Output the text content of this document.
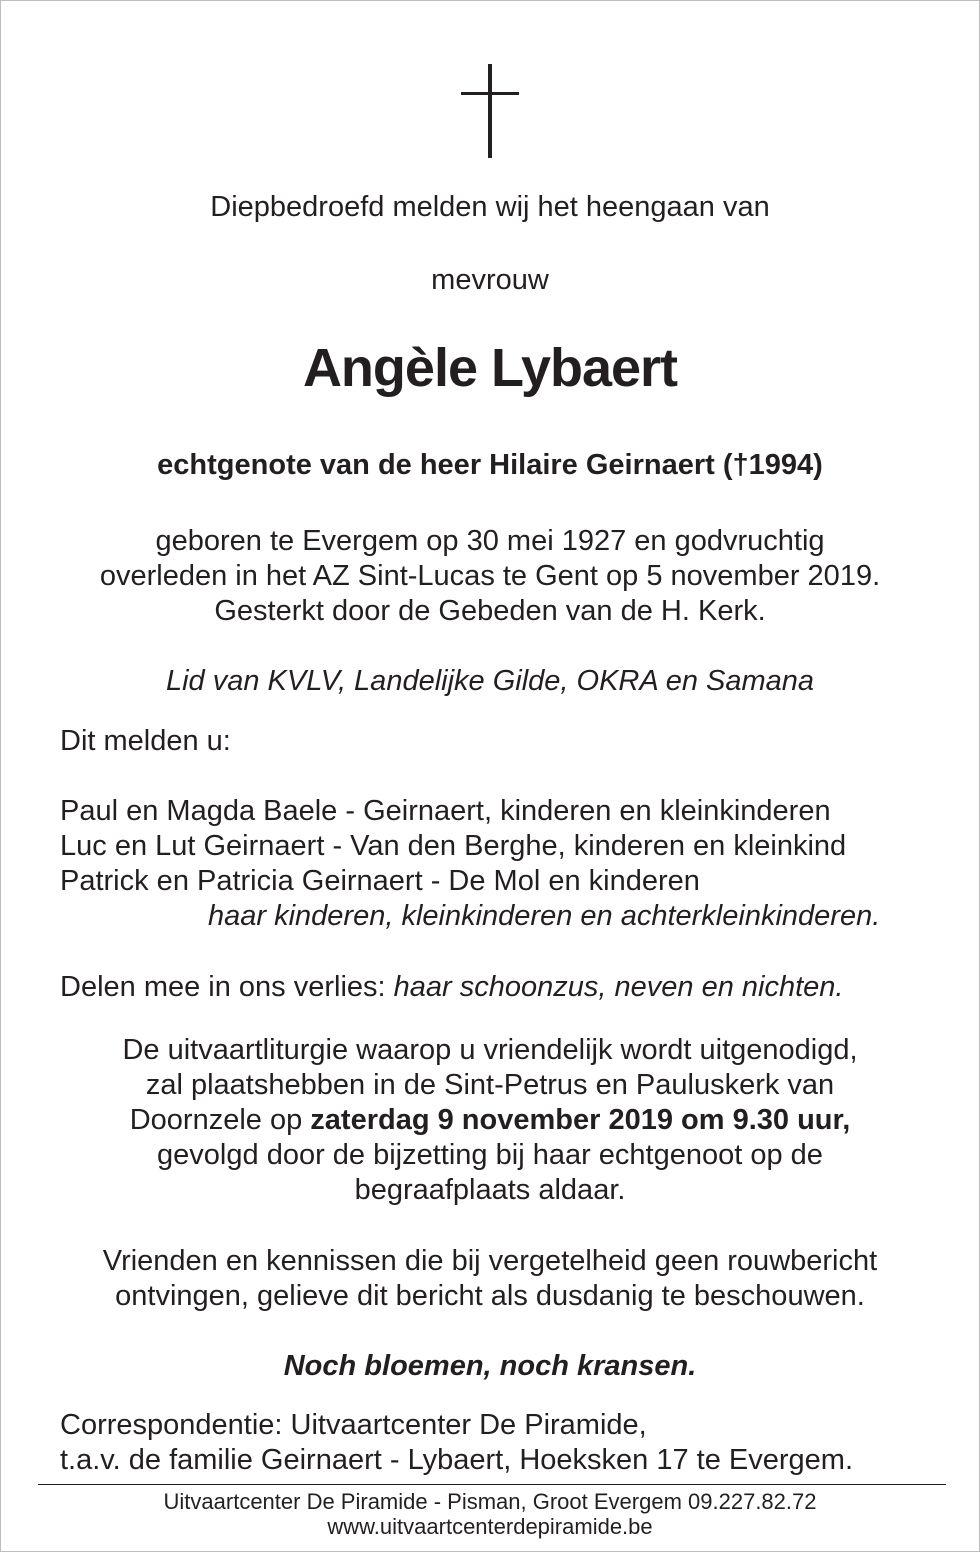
Diepbedroefd melden wij het heengaan van
mevrouw
Angèle Lybaert
echtgenote van de heer Hilaire Geirnaert (†1994)
geboren te Evergem op 30 mei 1927 en godvruchtig
overleden in het AZ Sint-Lucas te Gent op 5 november 2019.
Gesterkt door de Gebeden van de H. Kerk.
Lid van KVLV, Landelijke Gilde, OKRA en Samana
Dit melden u:
Paul en Magda Baele - Geirnaert, kinderen en kleinkinderen
Luc en Lut Geirnaert - Van den Berghe, kinderen en kleinkind
Patrick en Patricia Geirnaert - De Mol en kinderen
haar kinderen, kleinkinderen en achterkleinkinderen.
Delen mee in ons verlies: haar schoonzus, neven en nichten.
De uitvaartliturgie waarop u vriendelijk wordt uitgenodigd,
zal plaatshebben in de Sint-Petrus en Pauluskerk van
Doornzele op zaterdag 9 november 2019 om 9.30 uur,
gevolgd door de bijzetting bij haar echtgenoot op de
begraafplaats aldaar.
Vrienden en kennissen die bij vergetelheid geen rouwbericht
ontvingen, gelieve dit bericht als dusdanig te beschouwen.
Noch bloemen, noch kransen.
Correspondentie: Uitvaartcenter De Piramide,
t.a.v. de familie Geirnaert - Lybaert, Hoeksken 17 te Evergem.
Uitvaartcenter De Piramide - Pisman, Groot Evergem 09.227.82.72
www.uitvaartcenterdepiramide.be
